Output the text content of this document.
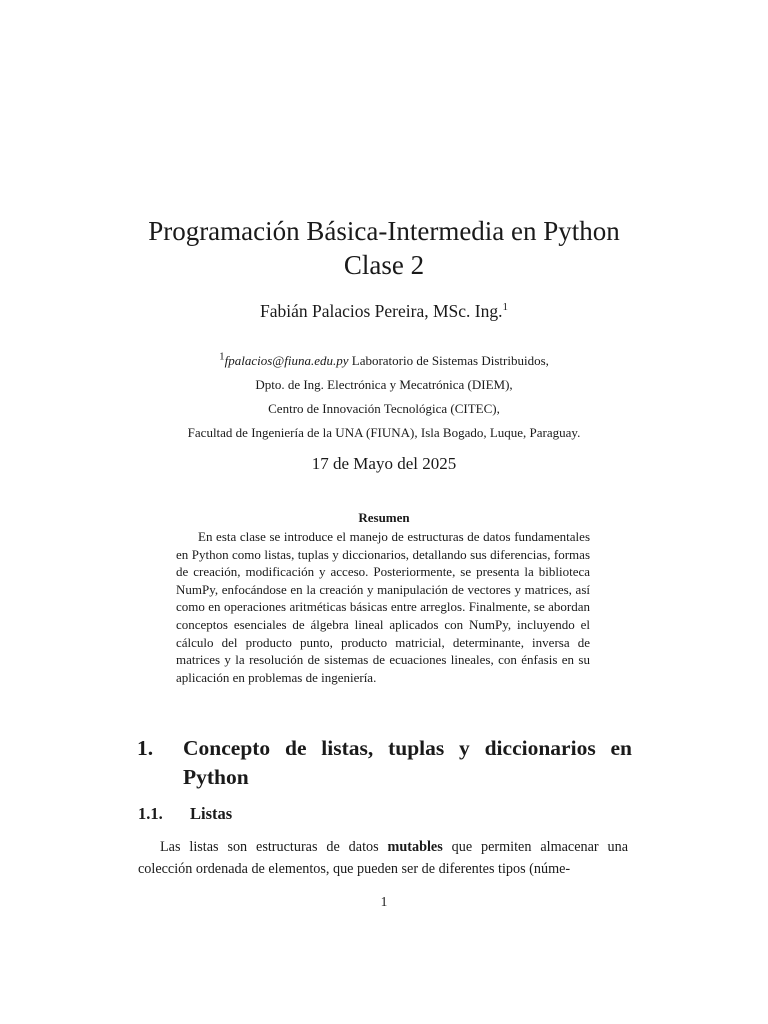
Programación Básica-Intermedia en Python

Clase 2

Fabián Palacios Pereira, MSc. Ing.$^1$
$^1$fpalacios@fiuna.edu.py Laboratorio de Sistemas Distribuidos,
Dpto. de Ing. Electrónica y Mecatrónica (DIEM),
Centro de Innovación Tecnológica (CITEC),
Facultad de Ingeniería de la UNA (FIUNA), Isla Bogado, Luque, Paraguay.
17 de Mayo del 2025
Resumen

En esta clase se introduce el manejo de estructuras de datos fundamentales en Python como listas, tuplas y diccionarios, detallando sus diferencias, formas de creación, modificación y acceso. Posteriormente, se presenta la biblioteca NumPy, enfocándose en la creación y manipulación de vectores y matrices, así como en operaciones aritméticas básicas entre arreglos. Finalmente, se abordan conceptos esenciales de álgebra lineal aplicados con NumPy, incluyendo el cálculo del producto punto, producto matricial, determinante, inversa de matrices y la resolución de sistemas de ecuaciones lineales, con énfasis en su aplicación en problemas de ingeniería.

1.	Concepto de listas, tuplas y diccionarios en Python
1.1.	Listas

Las listas son estructuras de datos mutables que permiten almacenar una colección ordenada de elementos, que pueden ser de diferentes tipos (núme-

1
